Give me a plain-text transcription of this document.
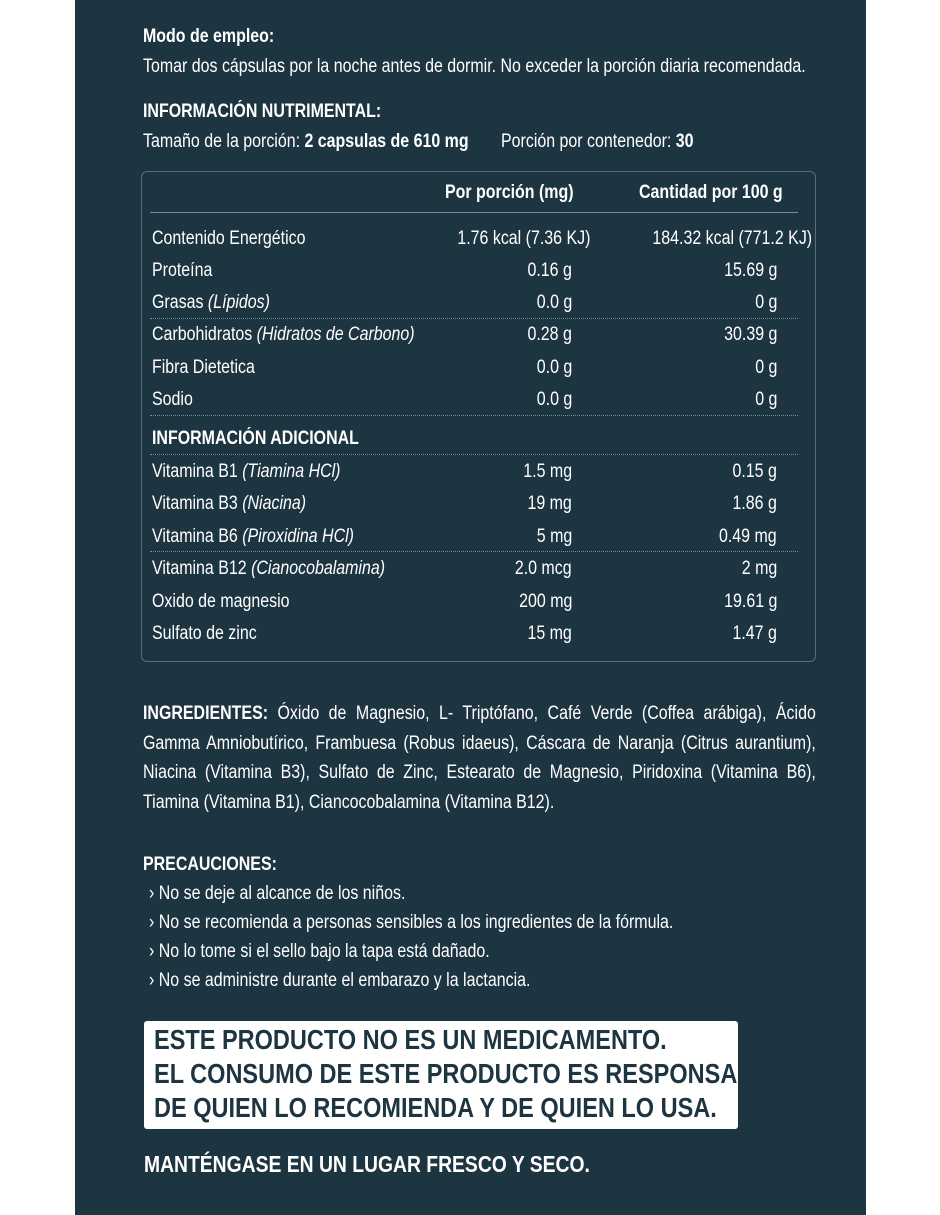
Modo de empleo:
Tomar dos cápsulas por la noche antes de dormir. No exceder la porción diaria recomendada.
INFORMACIÓN NUTRIMENTAL:
Tamaño de la porción: 2 capsulas de 610 mg Porción por contenedor: 30
Por porción (mg)	Cantidad por 100 g
Contenido Energético	1.76 kcal (7.36 KJ)	184.32 kcal (771.2 KJ)
Proteína	0.16 g	15.69 g
Grasas (Lípidos)	0.0 g	0 g
Carbohidratos (Hidratos de Carbono)	0.28 g	30.39 g
Fibra Dietetica	0.0 g	0 g
Sodio	0.0 g	0 g
INFORMACIÓN ADICIONAL
Vitamina B1 (Tiamina HCl)	1.5 mg	0.15 g
Vitamina B3 (Niacina)	19 mg	1.86 g
Vitamina B6 (Piroxidina HCl)	5 mg	0.49 mg
Vitamina B12 (Cianocobalamina)	2.0 mcg	2 mg
Oxido de magnesio	200 mg	19.61 g
Sulfato de zinc	15 mg	1.47 g
INGREDIENTES: Óxido de Magnesio, L- Triptófano, Café Verde (Coffea arábiga), Ácido Gamma Amniobutírico, Frambuesa (Robus idaeus), Cáscara de Naranja (Citrus aurantium), Niacina (Vitamina B3), Sulfato de Zinc, Estearato de Magnesio, Piridoxina (Vitamina B6), Tiamina (Vitamina B1), Ciancocobalamina (Vitamina B12).
PRECAUCIONES:
› No se deje al alcance de los niños.
› No se recomienda a personas sensibles a los ingredientes de la fórmula.
› No lo tome si el sello bajo la tapa está dañado.
› No se administre durante el embarazo y la lactancia.
ESTE PRODUCTO NO ES UN MEDICAMENTO.
EL CONSUMO DE ESTE PRODUCTO ES RESPONSABILIDAD
DE QUIEN LO RECOMIENDA Y DE QUIEN LO USA.
MANTÉNGASE EN UN LUGAR FRESCO Y SECO.
